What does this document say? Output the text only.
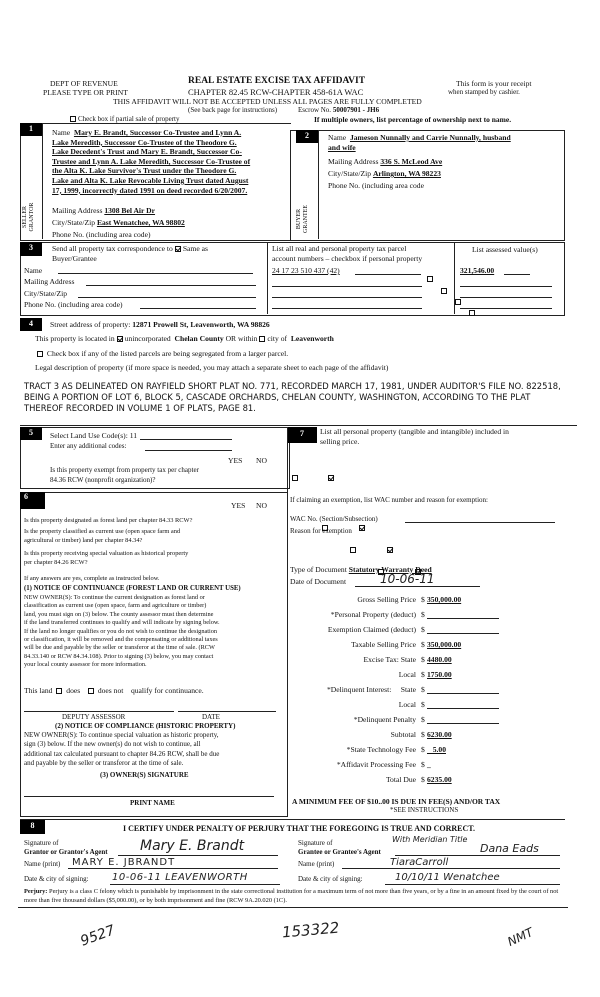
DEPT OF REVENUE
PLEASE TYPE OR PRINT
REAL ESTATE EXCISE TAX AFFIDAVIT
CHAPTER 82.45 RCW-CHAPTER 458-61A WAC
This form is your receipt
when stamped by cashier.
THIS AFFIDAVIT WILL NOT BE ACCEPTED UNLESS ALL PAGES ARE FULLY COMPLETED
(See back page for instructions)	Escrow No. 50007901 - JH6
Check box if partial sale of property	If multiple owners, list percentage of ownership next to name.
1
SELLER
GRANTOR
Name Mary E. Brandt, Successor Co-Trustee and Lynn A.
Lake Meredith, Successor Co-Trustee of the Theodore G.
Lake Decedent's Trust and Mary E. Brandt, Successor Co-
Trustee and Lynn A. Lake Meredith, Successor Co-Trustee of
the Alta K. Lake Survivor's Trust under the Theodore G.
Lake and Alta K. Lake Revocable Living Trust dated August
17, 1999, incorrectly dated 1991 on deed recorded 6/20/2007.
Mailing Address 1308 Bel Air Dr
City/State/Zip East Wenatchee, WA 98802
Phone No. (including area code)
2
BUYER
GRANTEE
Name Jameson Nunnally and Carrie Nunnally, husband
and wife
Mailing Address 336 S. McLeod Ave
City/State/Zip Arlington, WA 98223
Phone No. (including area code
3	Send all property tax correspondence to Same as
Buyer/Grantee
Name
Mailing Address
City/State/Zip
Phone No. (including area code)
List all real and personal property tax parcel
account numbers – checkbox if personal property
List assessed value(s)
24 17 23 510 437 (42)
	321,546.00

4	Street address of property: 12871 Prowell St, Leavenworth, WA 98826
This property is located in unincorporated Chelan County OR within city of Leavenworth
Check box if any of the listed parcels are being segregated from a larger parcel.
Legal description of property (if more space is needed, you may attach a separate sheet to each page of the affidavit)
TRACT 3 AS DELINEATED ON RAYFIELD SHORT PLAT NO. 771, RECORDED MARCH 17, 1981, UNDER AUDITOR'S FILE NO. 822518, BEING A PORTION OF LOT 6, BLOCK 5, CASCADE ORCHARDS, CHELAN COUNTY, WASHINGTON, ACCORDING TO THE PLAT THEREOF RECORDED IN VOLUME 1 OF PLATS, PAGE 81.
5	Select Land Use Code(s): 11
Enter any additional codes:
YES NO
Is this property exempt from property tax per chapter
84.36 RCW (nonprofit organization)?

7	List all personal property (tangible and intangible) included in
selling price.
6
YES NO
Is this property designated as forest land per chapter 84.33 RCW?

Is the property classified as current use (open space farm and
agricultural or timber) land per chapter 84.34?

Is this property receiving special valuation as historical property
per chapter 84.26 RCW?

If any answers are yes, complete as instructed below.
(1) NOTICE OF CONTINUANCE (FOREST LAND OR CURRENT USE)
NEW OWNER(S): To continue the current designation as forest land or
classification as current use (open space, farm and agriculture or timber)
land, you must sign on (3) below. The county assessor must then determine
if the land transferred continues to qualify and will indicate by signing below.
If the land no longer qualifies or you do not wish to continue the designation
or classification, it will be removed and the compensating or additional taxes
will be due and payable by the seller or transferor at the time of sale. (RCW
84.33.140 or RCW 84.34.108). Prior to signing (3) below, you may contact
your local county assessor for more information.
This land does does not qualify for continuance.
DEPUTY ASSESSOR	DATE
(2) NOTICE OF COMPLIANCE (HISTORIC PROPERTY)
NEW OWNER(S): To continue special valuation as historic property,
sign (3) below. If the new owner(s) do not wish to continue, all
additional tax calculated pursuant to chapter 84.26 RCW, shall be due
and payable by the seller or transferor at the time of sale.
(3) OWNER(S) SIGNATURE
PRINT NAME
If claiming an exemption, list WAC number and reason for exemption:
WAC No. (Section/Subsection)
Reason for exemption
Type of Document Statutory Warranty Deed
Date of Document	10-06-11
Gross Selling Price $ 350,000.00
*Personal Property (deduct) $
Exemption Claimed (deduct) $
Taxable Selling Price $ 350,000.00
Excise Tax: State $ 4480.00
Local $ 1750.00
*Delinquent Interest:     State $
Local $
*Delinquent Penalty $
Subtotal $ 6230.00
*State Technology Fee $ 5.00
*Affidavit Processing Fee $ _
Total Due $ 6235.00
A MINIMUM FEE OF $10..00 IS DUE IN FEE(S) AND/OR TAX
*SEE INSTRUCTIONS
8	I CERTIFY UNDER PENALTY OF PERJURY THAT THE FOREGOING IS TRUE AND CORRECT.
Signature of
Grantor or Grantor's Agent Mary E. Brandt
Name (print) MARY E. JBRANDT
Date & city of signing: 10-06-11 LEAVENWORTH
Signature of
Grantee or Grantee's Agent
With Meridian Title
Dana Eads
Name (print)	TiaraCarroll
Date & city of signing:	10/10/11 Wenatchee
Perjury: Perjury is a class C felony which is punishable by imprisonment in the state correctional institution for a maximum term of not more than five years, or by a fine in an amount fixed by the court of not more than five thousand dollars ($5,000.00), or by both imprisonment and fine (RCW 9A.20.020 (1C).
9527	153322	NMT
